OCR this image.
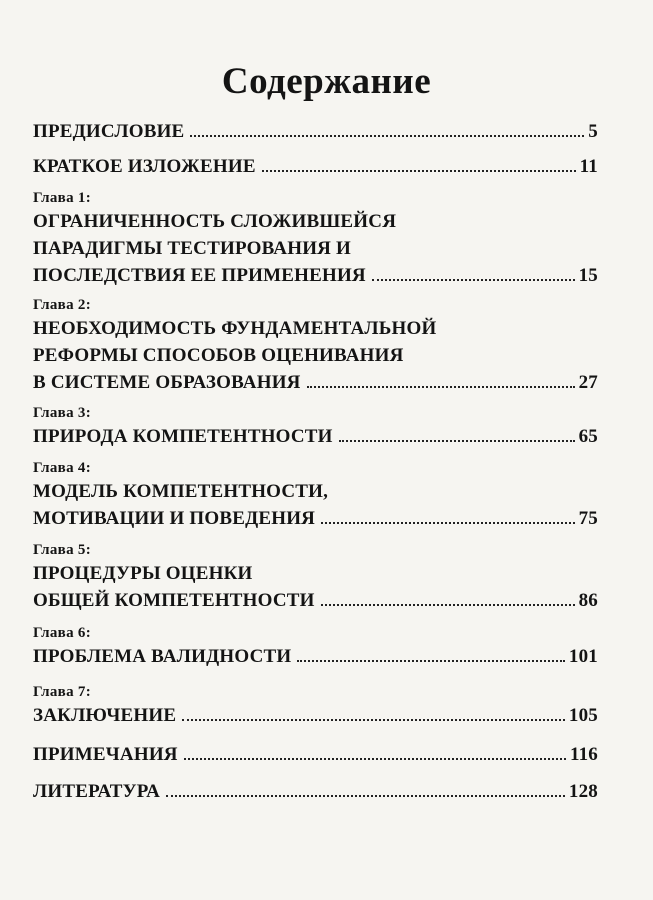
Содержание
ПРЕДИСЛОВИЕ	5
КРАТКОЕ ИЗЛОЖЕНИЕ	11
Глава 1:
ОГРАНИЧЕННОСТЬ СЛОЖИВШЕЙСЯ
ПАРАДИГМЫ ТЕСТИРОВАНИЯ И
ПОСЛЕДСТВИЯ ЕЕ ПРИМЕНЕНИЯ	15
Глава 2:
НЕОБХОДИМОСТЬ ФУНДАМЕНТАЛЬНОЙ
РЕФОРМЫ СПОСОБОВ ОЦЕНИВАНИЯ
В СИСТЕМЕ ОБРАЗОВАНИЯ	27
Глава 3:
ПРИРОДА КОМПЕТЕНТНОСТИ	65
Глава 4:
МОДЕЛЬ КОМПЕТЕНТНОСТИ,
МОТИВАЦИИ И ПОВЕДЕНИЯ	75
Глава 5:
ПРОЦЕДУРЫ ОЦЕНКИ
ОБЩЕЙ КОМПЕТЕНТНОСТИ	86
Глава 6:
ПРОБЛЕМА ВАЛИДНОСТИ	101
Глава 7:
ЗАКЛЮЧЕНИЕ	105
ПРИМЕЧАНИЯ	116
ЛИТЕРАТУРА	128
